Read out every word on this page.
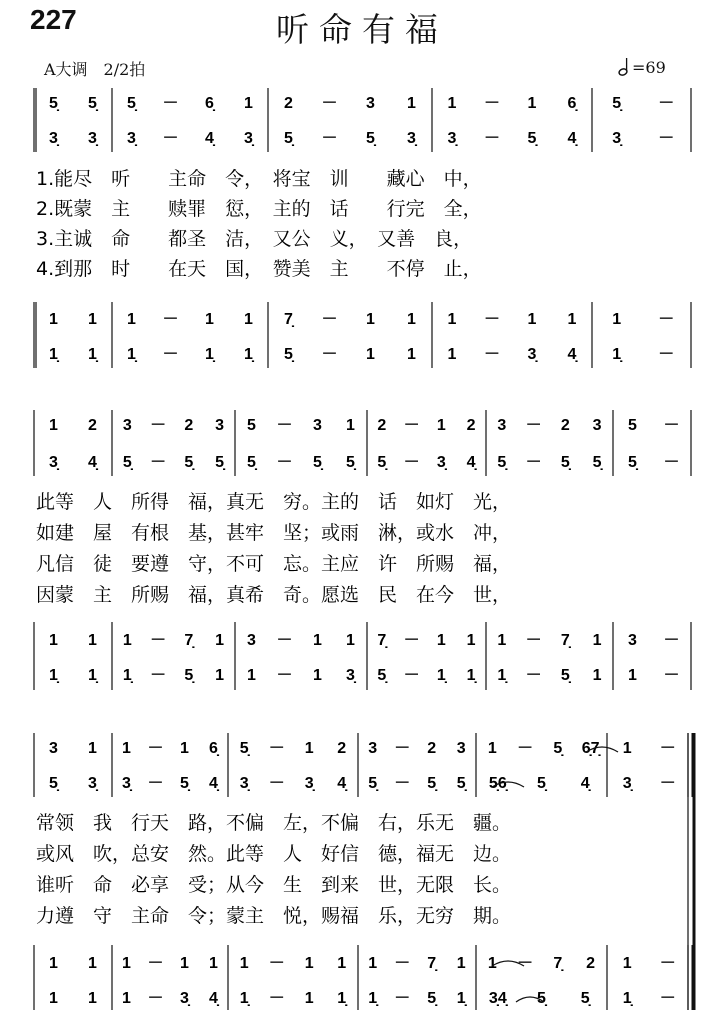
227	听命有福
A大调　2/2拍	=69
5̣ 5̣ 5̣ － 6̣ 1 2 － 3 1 1 － 1 6̣ 5̣ －
3̣ 3̣ 3̣ － 4̣ 3̣ 5̣ － 5̣ 3̣ 3̣ － 5̣ 4̣ 3̣ －
1 1 1 － 1 1 7̣ － 1 1 1 － 1 1 1 －
1̣ 1̣ 1̣ － 1̣ 1̣ 5̣ － 1 1 1 － 3̣ 4̣ 1̣ －
1.能尽　听　　主命　令，　将宝　训　　藏心　中，
2.既蒙　主　　赎罪　愆，　主的　话　　行完　全，
3.主诚　命　　都圣　洁，　又公　义，　又善　良，
4.到那　时　　在天　国，　赞美　主　　不停　止，
1 2 3 － 2 3 5 － 3 1 2 － 1 2 3 － 2 3 5 －
3̣ 4̣ 5̣ － 5̣ 5̣ 5̣ － 5̣ 5̣ 5̣ － 3̣ 4̣ 5̣ － 5̣ 5̣ 5̣ －
1 1 1 － 7̣ 1 3 － 1 1 7̣ － 1 1 1 － 7̣ 1 3 －
1̣ 1̣ 1̣ － 5̣ 1 1 － 1 3̣ 5̣ － 1̣ 1̣ 1̣ － 5̣ 1 1 －
此等　人　所得　福，真无　穷。主的　话　如灯　光，
如建　屋　有根　基，甚牢　坚；或雨　淋，或水　冲，
凡信　徒　要遵　守，不可　忘。主应　许　所赐　福，
因蒙　主　所赐　福，真希　奇。愿选　民　在今　世，
3 1 1 － 1 6̣ 5̣ － 1 2 3 － 2 3 1 － 5̣ 6̣7̣ 1 －
5̣ 3̣ 3̣ － 5̣ 4̣ 3̣ － 3̣ 4̣ 5̣ － 5̣ 5̣ 5̣6̣ 5̣ 4̣ 3̣ －
1 1 1 － 1 1 1 － 1 1 1 － 7̣ 1 1 － 7̣ 2 1 －
1 1 1 － 3̣ 4̣ 1̣ － 1 1̣ 1̣ － 5̣ 1̣ 3̣4̣ 5̣ 5̣ 1̣ －
常领　我　行天　路，不偏　左，不偏　右，乐无　疆。
或风　吹，总安　然。此等　人　好信　德，福无　边。
谁听　命　必享　受；从今　生　到来　世，无限　长。
力遵　守　主命　令；蒙主　悦，赐福　乐，无穷　期。
